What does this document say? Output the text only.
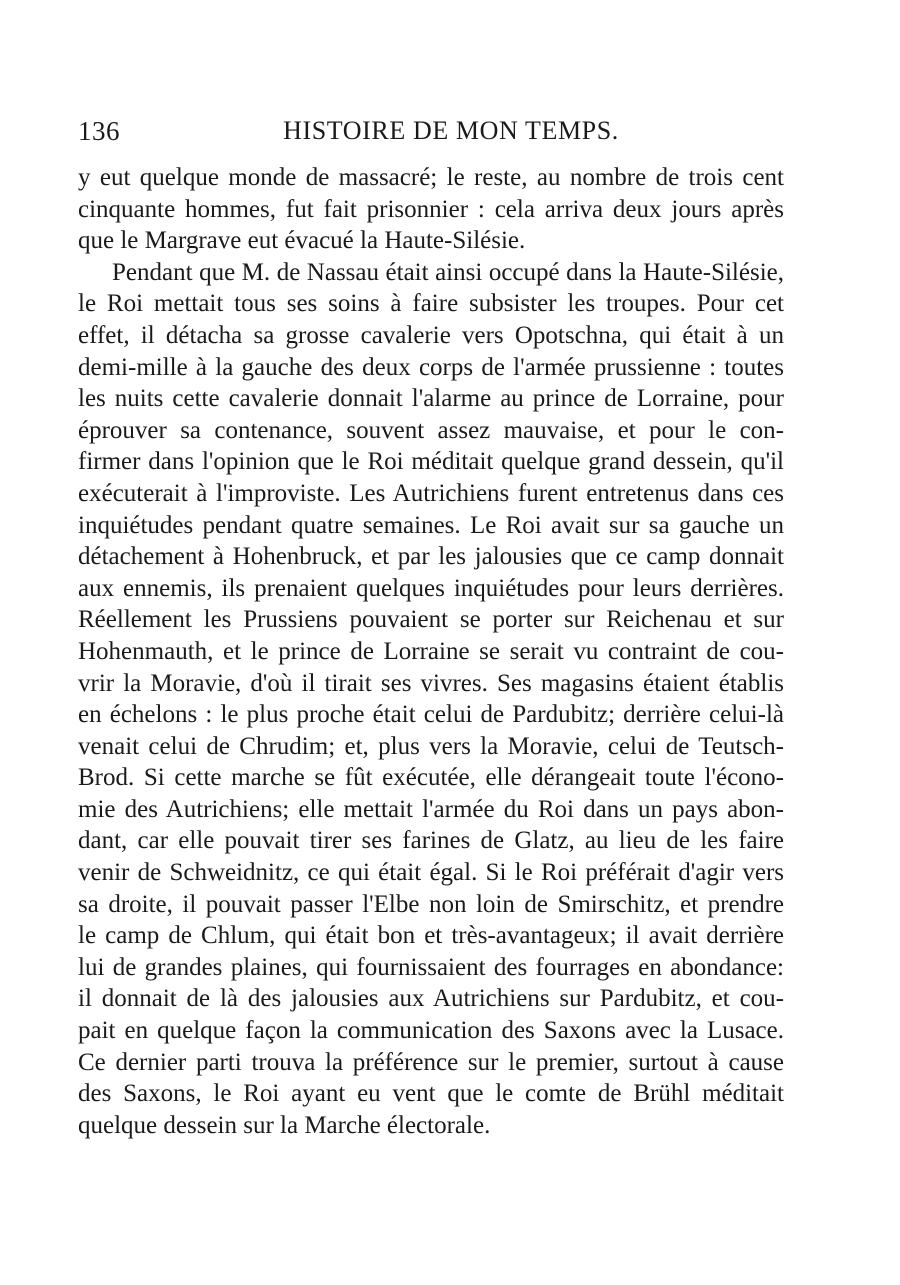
136	HISTOIRE DE MON TEMPS.
y eut quelque monde de massacré; le reste, au nombre de trois cent
cinquante hommes, fut fait prisonnier : cela arriva deux jours après
que le Margrave eut évacué la Haute-Silésie.
Pendant que M. de Nassau était ainsi occupé dans la Haute-Silésie,
le Roi mettait tous ses soins à faire subsister les troupes. Pour cet
effet, il détacha sa grosse cavalerie vers Opotschna, qui était à un
demi-mille à la gauche des deux corps de l'armée prussienne : toutes
les nuits cette cavalerie donnait l'alarme au prince de Lorraine, pour
éprouver sa contenance, souvent assez mauvaise, et pour le con-
firmer dans l'opinion que le Roi méditait quelque grand dessein, qu'il
exécuterait à l'improviste. Les Autrichiens furent entretenus dans ces
inquiétudes pendant quatre semaines. Le Roi avait sur sa gauche un
détachement à Hohenbruck, et par les jalousies que ce camp donnait
aux ennemis, ils prenaient quelques inquiétudes pour leurs derrières.
Réellement les Prussiens pouvaient se porter sur Reichenau et sur
Hohenmauth, et le prince de Lorraine se serait vu contraint de cou-
vrir la Moravie, d'où il tirait ses vivres. Ses magasins étaient établis
en échelons : le plus proche était celui de Pardubitz; derrière celui-là
venait celui de Chrudim; et, plus vers la Moravie, celui de Teutsch-
Brod. Si cette marche se fût exécutée, elle dérangeait toute l'écono-
mie des Autrichiens; elle mettait l'armée du Roi dans un pays abon-
dant, car elle pouvait tirer ses farines de Glatz, au lieu de les faire
venir de Schweidnitz, ce qui était égal. Si le Roi préférait d'agir vers
sa droite, il pouvait passer l'Elbe non loin de Smirschitz, et prendre
le camp de Chlum, qui était bon et très-avantageux; il avait derrière
lui de grandes plaines, qui fournissaient des fourrages en abondance:
il donnait de là des jalousies aux Autrichiens sur Pardubitz, et cou-
pait en quelque façon la communication des Saxons avec la Lusace.
Ce dernier parti trouva la préférence sur le premier, surtout à cause
des Saxons, le Roi ayant eu vent que le comte de Brühl méditait
quelque dessein sur la Marche électorale.
